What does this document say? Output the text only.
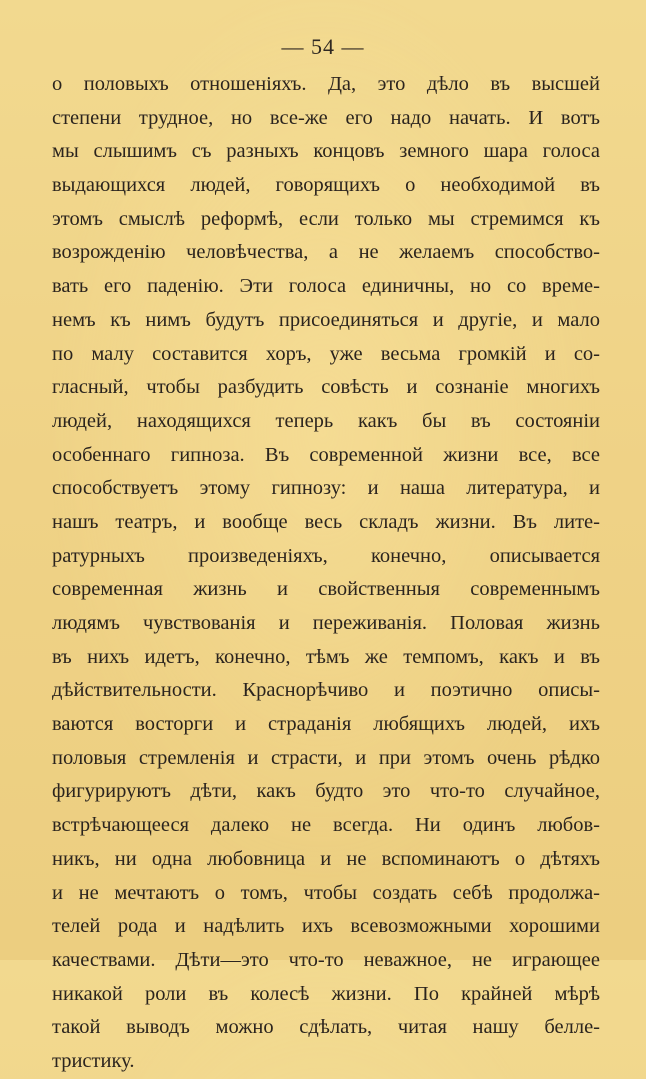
— 54 —
о половыхъ отношеніяхъ. Да, это дѣло въ высшей
степени трудное, но все-же его надо начать. И вотъ
мы слышимъ съ разныхъ концовъ земного шара голоса
выдающихся людей, говорящихъ о необходимой въ
этомъ смыслѣ реформѣ, если только мы стремимся къ
возрожденію человѣчества, а не желаемъ способство-
вать его паденію. Эти голоса единичны, но со време-
немъ къ нимъ будутъ присоединяться и другіе, и мало
по малу составится хоръ, уже весьма громкій и со-
гласный, чтобы разбудить совѣсть и сознаніе многихъ
людей, находящихся теперь какъ бы въ состояніи
особеннаго гипноза. Въ современной жизни все, все
способствуетъ этому гипнозу: и наша литература, и
нашъ театръ, и вообще весь складъ жизни. Въ лите-
ратурныхъ произведеніяхъ, конечно, описывается
современная жизнь и свойственныя современнымъ
людямъ чувствованія и переживанія. Половая жизнь
въ нихъ идетъ, конечно, тѣмъ же темпомъ, какъ и въ
дѣйствительности. Краснорѣчиво и поэтично описы-
ваются восторги и страданія любящихъ людей, ихъ
половыя стремленія и страсти, и при этомъ очень рѣдко
фигурируютъ дѣти, какъ будто это что-то случайное,
встрѣчающееся далеко не всегда. Ни одинъ любов-
никъ, ни одна любовница и не вспоминаютъ о дѣтяхъ
и не мечтаютъ о томъ, чтобы создать себѣ продолжа-
телей рода и надѣлить ихъ всевозможными хорошими
качествами. Дѣти—это что-то неважное, не играющее
никакой роли въ колесѣ жизни. По крайней мѣрѣ
такой выводъ можно сдѣлать, читая нашу белле-
тристику.
